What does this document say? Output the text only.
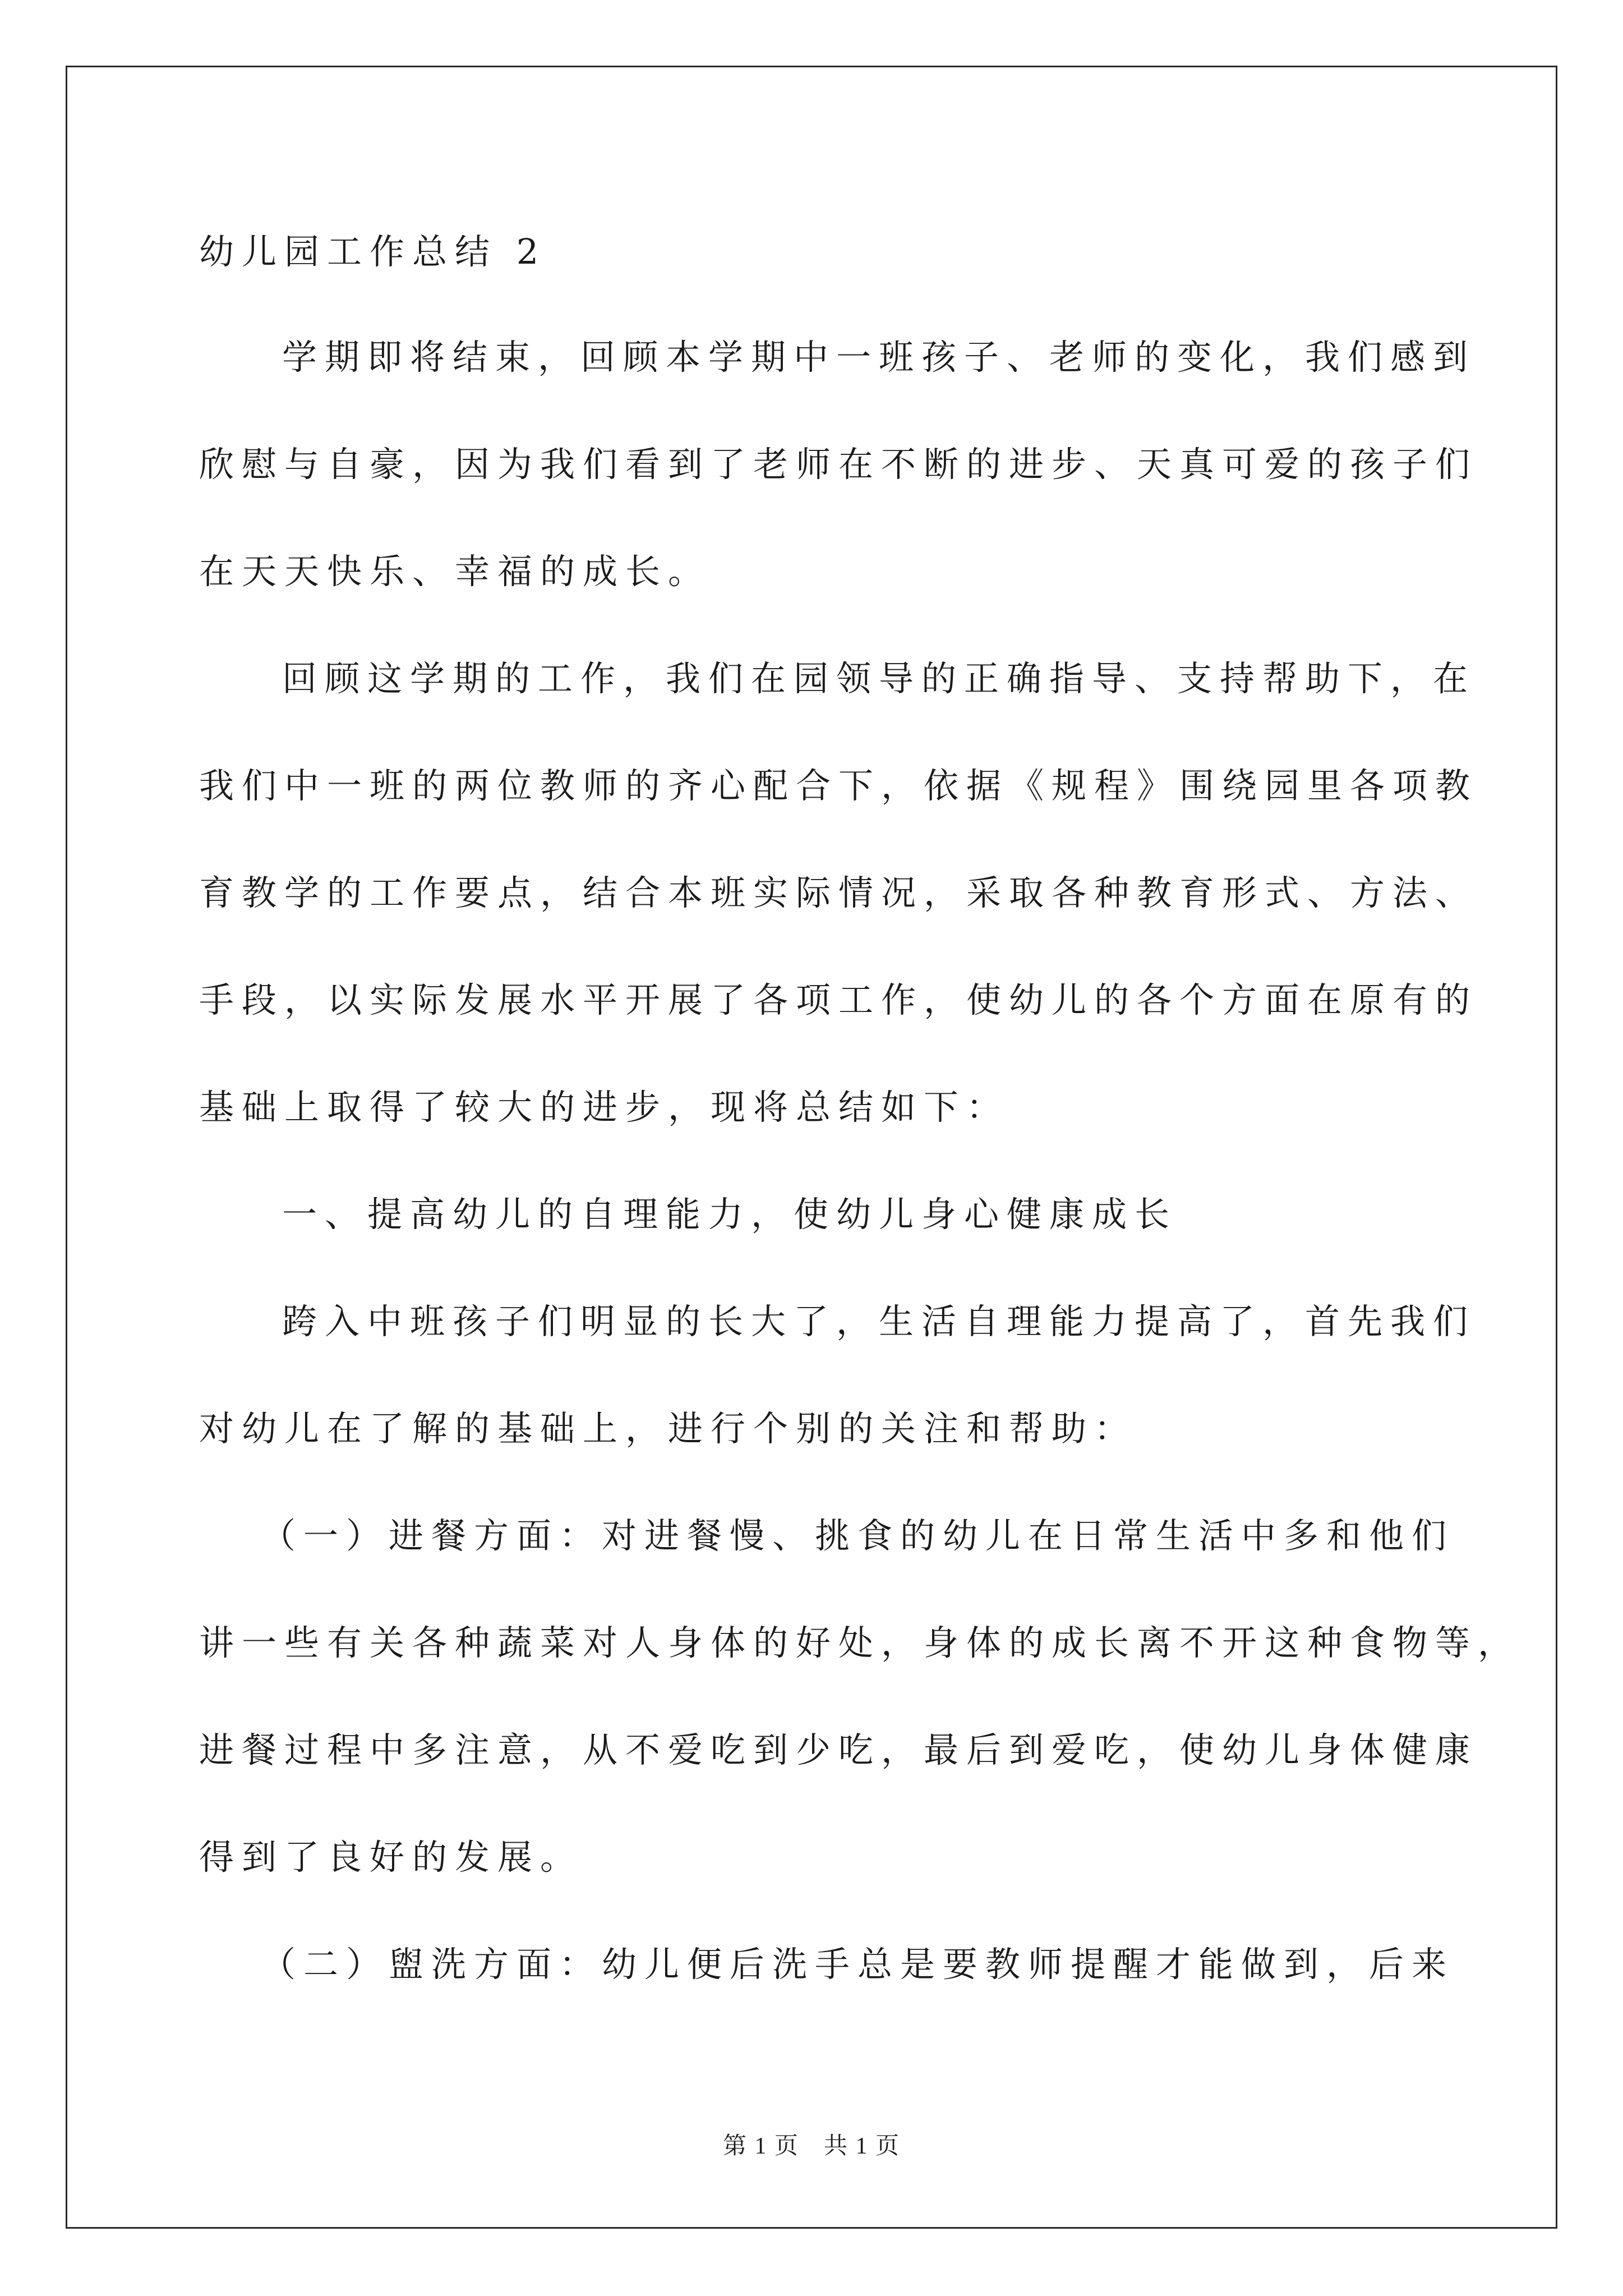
幼儿园工作总结 2
学期即将结束，回顾本学期中一班孩子、老师的变化，我们感到
欣慰与自豪，因为我们看到了老师在不断的进步、天真可爱的孩子们
在天天快乐、幸福的成长。
回顾这学期的工作，我们在园领导的正确指导、支持帮助下，在
我们中一班的两位教师的齐心配合下，依据《规程》围绕园里各项教
育教学的工作要点，结合本班实际情况，采取各种教育形式、方法、
手段，以实际发展水平开展了各项工作，使幼儿的各个方面在原有的
基础上取得了较大的进步，现将总结如下：
一、提高幼儿的自理能力，使幼儿身心健康成长
跨入中班孩子们明显的长大了，生活自理能力提高了，首先我们
对幼儿在了解的基础上，进行个别的关注和帮助：
（一）进餐方面：对进餐慢、挑食的幼儿在日常生活中多和他们
讲一些有关各种蔬菜对人身体的好处，身体的成长离不开这种食物等，
进餐过程中多注意，从不爱吃到少吃，最后到爱吃，使幼儿身体健康
得到了良好的发展。
（二）盥洗方面：幼儿便后洗手总是要教师提醒才能做到，后来
第 1 页　共 1 页
